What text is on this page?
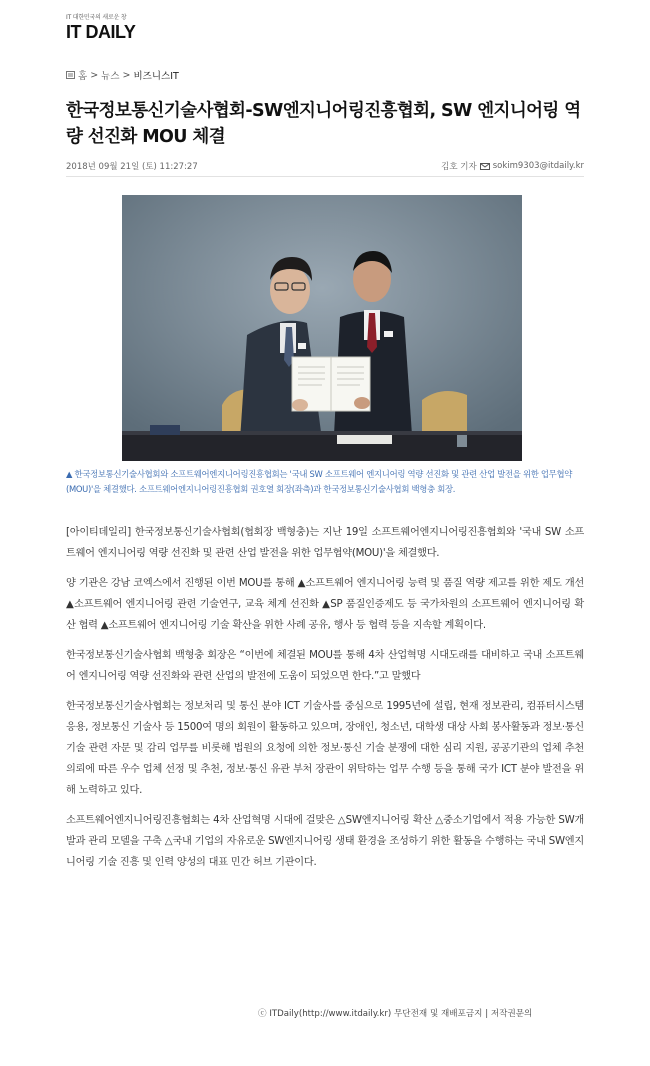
IT 대한민국의 새로운 창
IT DAILY
홈 > 뉴스 > 비즈니스IT
한국정보통신기술사협회-SW엔지니어링진흥협회, SW 엔지니어링 역량 선진화 MOU 체결
2018년 09월 21일 (토) 11:27:27	김호 기자 sokim9303@itdaily.kr

▲ 한국정보통신기술사협회와 소프트웨어엔지니어링진흥협회는 '국내 SW 소프트웨어 엔지니어링 역량 선진화 및 관련 산업 발전을 위한 업무협약(MOU)'을 체결했다. 소프트웨어엔지니어링진흥협회 권호열 회장(좌측)과 한국정보통신기술사협회 백형충 회장.

[아이티데일리] 한국정보통신기술사협회(협회장 백형충)는 지난 19일 소프트웨어엔지니어링진흥협회와 '국내 SW 소프트웨어 엔지니어링 역량 선진화 및 관련 산업 발전을 위한 업무협약(MOU)'을 체결했다.

양 기관은 강남 코엑스에서 진행된 이번 MOU를 통해 ▲소프트웨어 엔지니어링 능력 및 품질 역량 제고를 위한 제도 개선 ▲소프트웨어 엔지니어링 관련 기술연구, 교육 체계 선진화 ▲SP 품질인증제도 등 국가차원의 소프트웨어 엔지니어링 확산 협력 ▲소프트웨어 엔지니어링 기술 확산을 위한 사례 공유, 행사 등 협력 등을 지속할 계획이다.

한국정보통신기술사협회 백형충 회장은 “이번에 체결된 MOU를 통해 4차 산업혁명 시대도래를 대비하고 국내 소프트웨어 엔지니어링 역량 선진화와 관련 산업의 발전에 도움이 되었으면 한다.”고 말했다

한국정보통신기술사협회는 정보처리 및 통신 분야 ICT 기술사를 중심으로 1995년에 설립, 현재 정보관리, 컴퓨터시스템응용, 정보통신 기술사 등 1500여 명의 회원이 활동하고 있으며, 장애인, 청소년, 대학생 대상 사회 봉사활동과 정보·통신 기술 관련 자문 및 감리 업무를 비롯해 법원의 요청에 의한 정보·통신 기술 분쟁에 대한 심리 지원, 공공기관의 업체 추천 의뢰에 따른 우수 업체 선정 및 추천, 정보·통신 유관 부처 장관이 위탁하는 업무 수행 등을 통해 국가 ICT 분야 발전을 위해 노력하고 있다.

소프트웨어엔지니어링진흥협회는 4차 산업혁명 시대에 걸맞은 △SW엔지니어링 확산 △중소기업에서 적용 가능한 SW개발과 관리 모델을 구축 △국내 기업의 자유로운 SW엔지니어링 생태 환경을 조성하기 위한 활동을 수행하는 국내 SW엔지니어링 기술 진흥 및 인력 양성의 대표 민간 허브 기관이다.

ⓒ ITDaily(http://www.itdaily.kr) 무단전재 및 재배포금지 | 저작권문의
